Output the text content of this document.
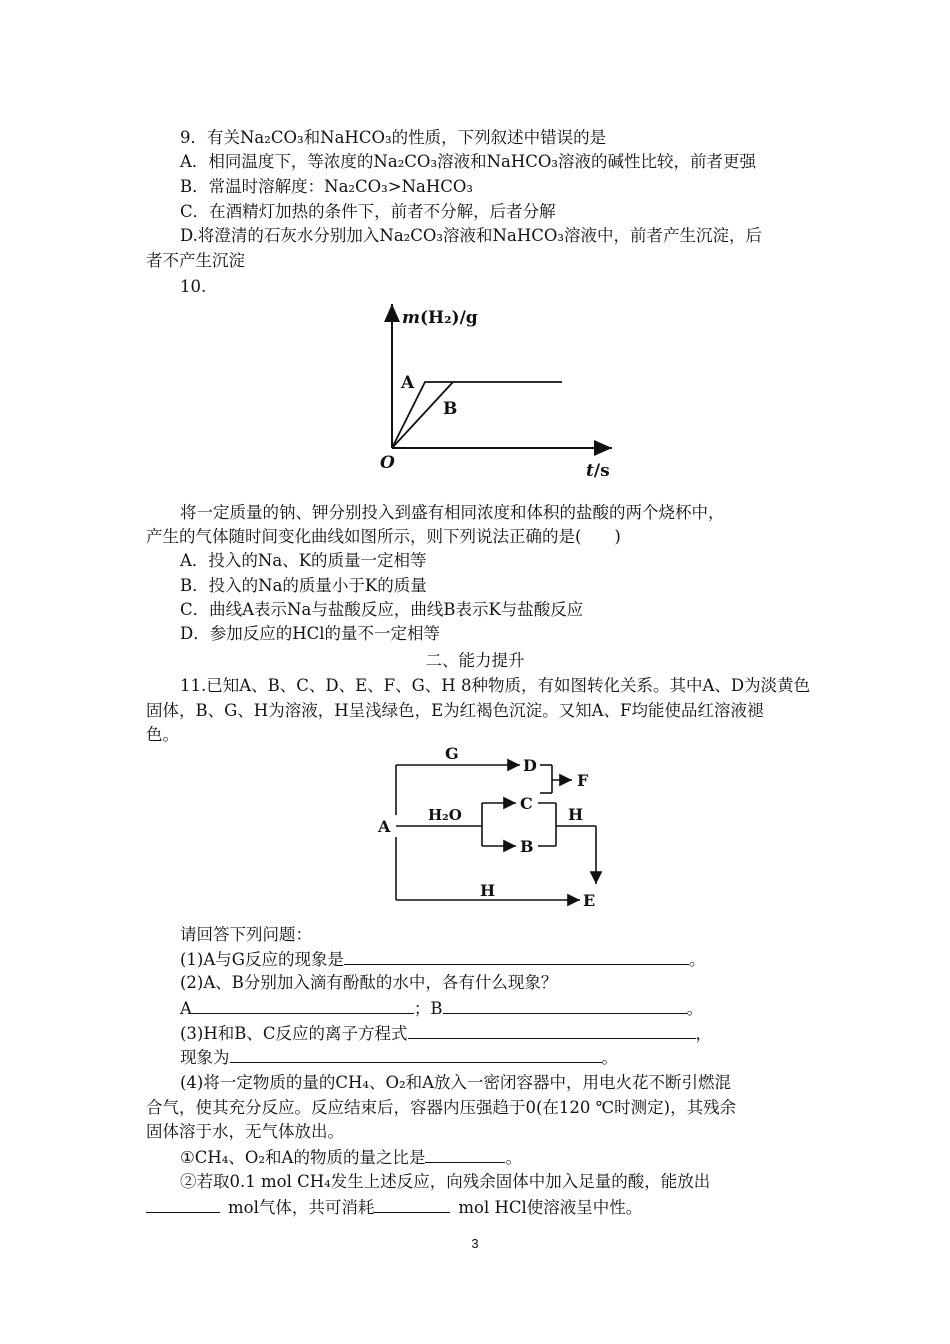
9．有关Na₂CO₃和NaHCO₃的性质，下列叙述中错误的是
A．相同温度下，等浓度的Na₂CO₃溶液和NaHCO₃溶液的碱性比较，前者更强
B．常温时溶解度：Na₂CO₃>NaHCO₃
C．在酒精灯加热的条件下，前者不分解，后者分解
D.将澄清的石灰水分别加入Na₂CO₃溶液和NaHCO₃溶液中，前者产生沉淀，后
者不产生沉淀
10.
m(H₂)/g
t/s
O
A
B
将一定质量的钠、钾分别投入到盛有相同浓度和体积的盐酸的两个烧杯中，
产生的气体随时间变化曲线如图所示，则下列说法正确的是(　　)
A．投入的Na、K的质量一定相等
B．投入的Na的质量小于K的质量
C．曲线A表示Na与盐酸反应，曲线B表示K与盐酸反应
D．参加反应的HCl的量不一定相等
二、能力提升
11.已知A、B、C、D、E、F、G、H 8种物质，有如图转化关系。其中A、D为淡黄色
固体，B、G、H为溶液，H呈浅绿色，E为红褐色沉淀。又知A、F均能使品红溶液褪
色。
A
D
F
C
B
E
G
H₂O	H
H
请回答下列问题：
(1)A与G反应的现象是	。
(2)A、B分别加入滴有酚酞的水中，各有什么现象？
A	；B	。
(3)H和B、C反应的离子方程式	，
现象为	。
(4)将一定物质的量的CH₄、O₂和A放入一密闭容器中，用电火花不断引燃混
合气，使其充分反应。反应结束后，容器内压强趋于0(在120 ℃时测定)，其残余
固体溶于水，无气体放出。
①CH₄、O₂和A的物质的量之比是	。
②若取0.1 mol CH₄发生上述反应，向残余固体中加入足量的酸，能放出
mol气体，共可消耗	mol HCl使溶液呈中性。
3
